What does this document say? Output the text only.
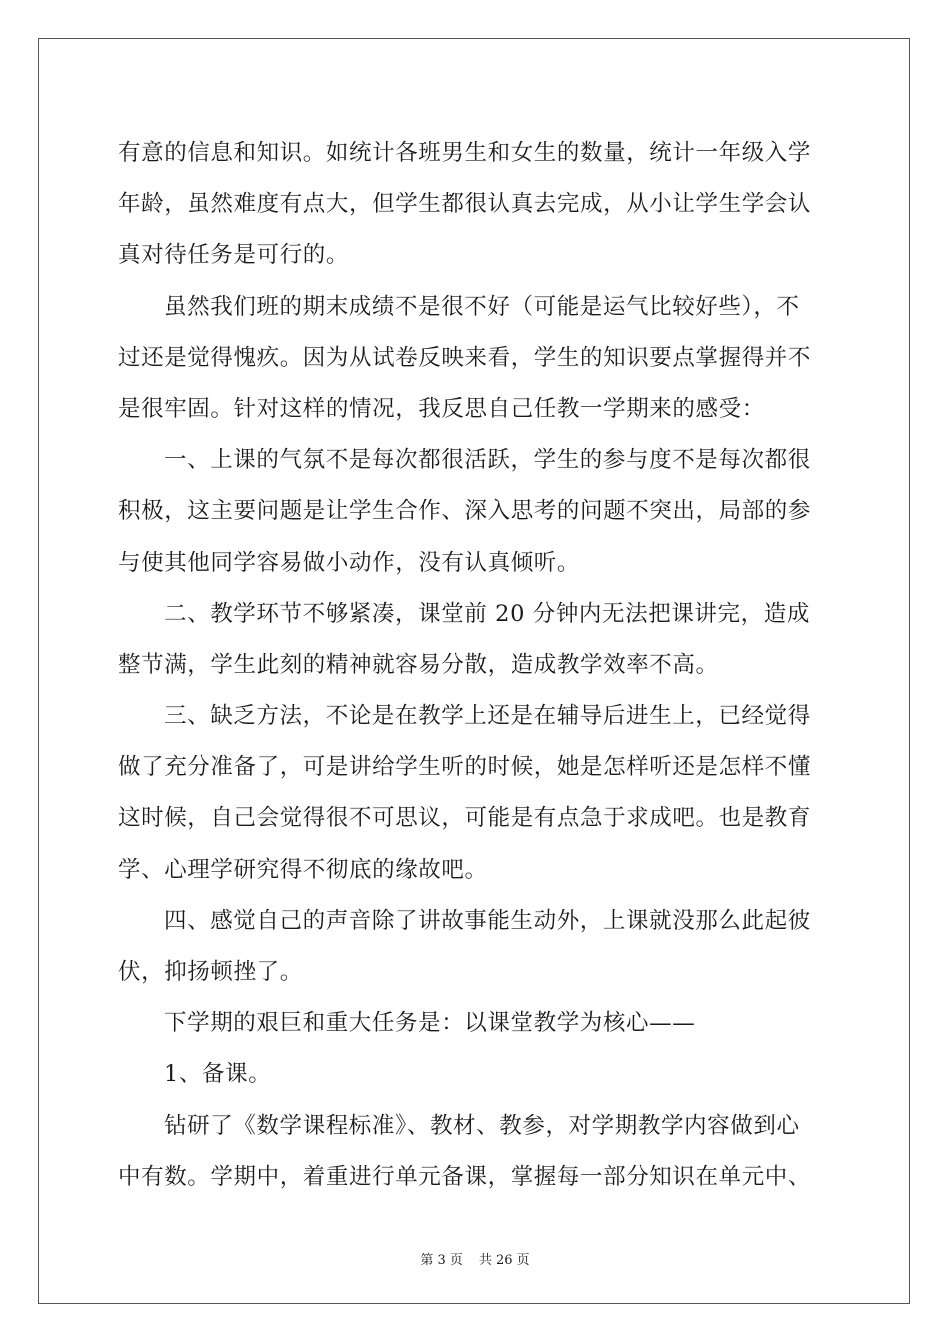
有意的信息和知识。如统计各班男生和女生的数量，统计一年级入学
年龄，虽然难度有点大，但学生都很认真去完成，从小让学生学会认
真对待任务是可行的。
虽然我们班的期末成绩不是很不好（可能是运气比较好些），不
过还是觉得愧疚。因为从试卷反映来看，学生的知识要点掌握得并不
是很牢固。针对这样的情况，我反思自己任教一学期来的感受：
一、上课的气氛不是每次都很活跃，学生的参与度不是每次都很
积极，这主要问题是让学生合作、深入思考的问题不突出，局部的参
与使其他同学容易做小动作，没有认真倾听。
二、教学环节不够紧凑，课堂前 20 分钟内无法把课讲完，造成
整节满，学生此刻的精神就容易分散，造成教学效率不高。
三、缺乏方法，不论是在教学上还是在辅导后进生上，已经觉得
做了充分准备了，可是讲给学生听的时候，她是怎样听还是怎样不懂
这时候，自己会觉得很不可思议，可能是有点急于求成吧。也是教育
学、心理学研究得不彻底的缘故吧。
四、感觉自己的声音除了讲故事能生动外，上课就没那么此起彼
伏，抑扬顿挫了。
下学期的艰巨和重大任务是：以课堂教学为核心——
1、备课。
钻研了《数学课程标准》、教材、教参，对学期教学内容做到心
中有数。学期中，着重进行单元备课，掌握每一部分知识在单元中、
第 3 页 共 26 页
